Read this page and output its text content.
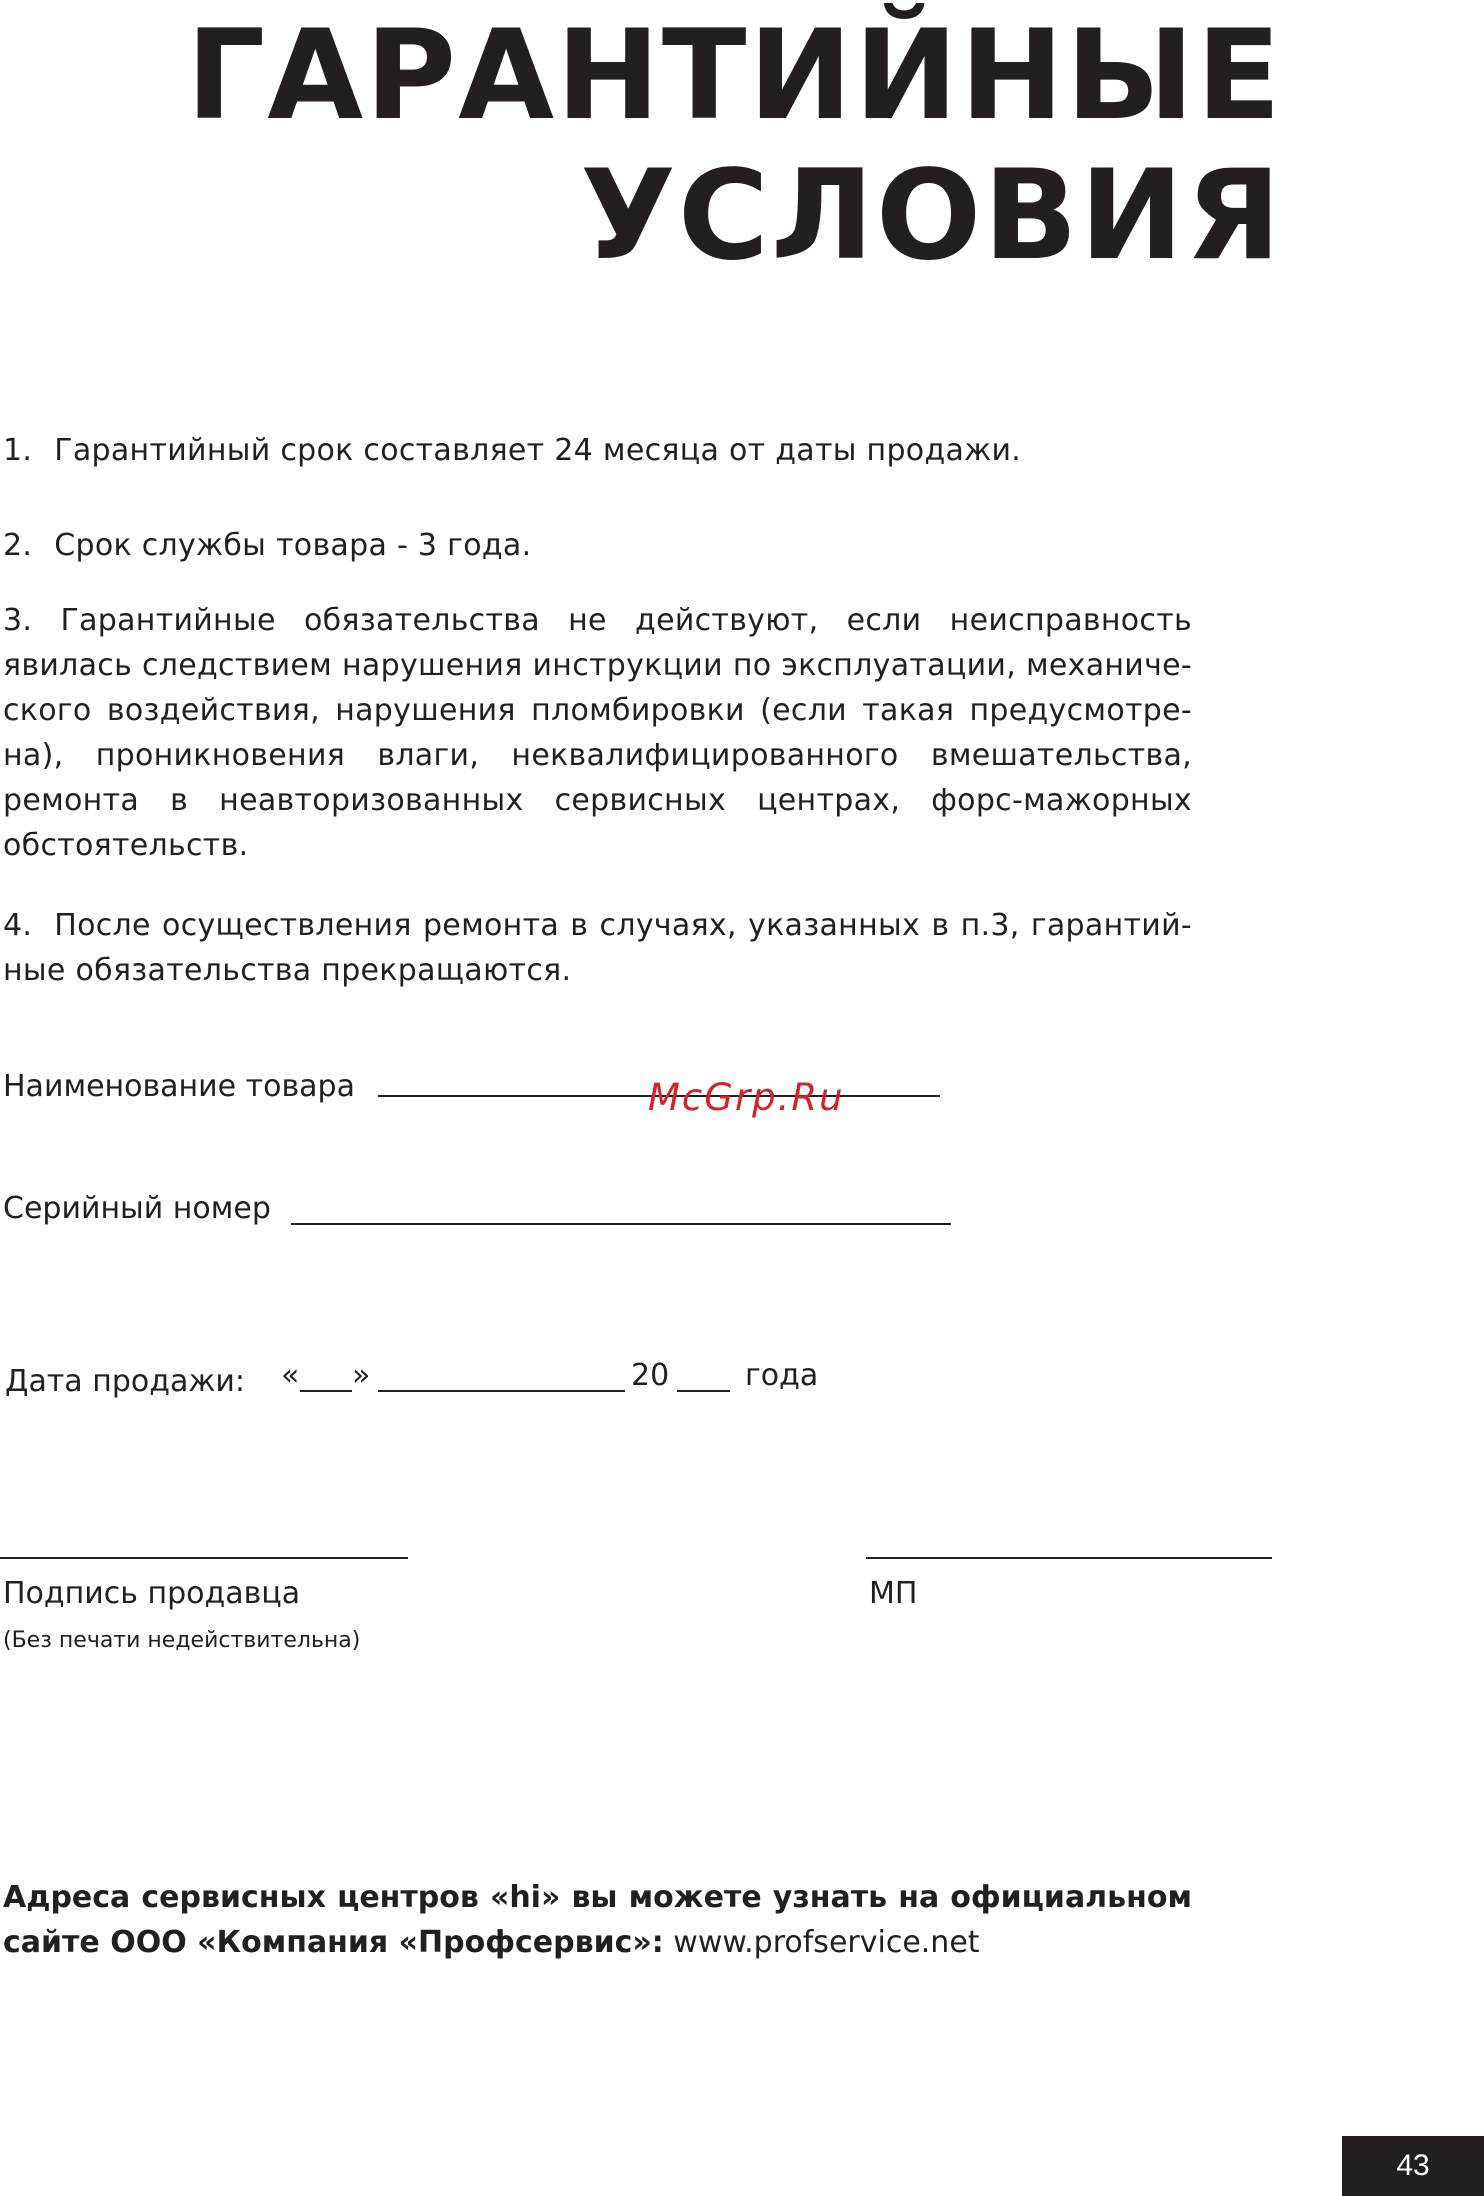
ГАРАНТИЙНЫЕ
УСЛОВИЯ

1. Гарантийный срок составляет 24 месяца от даты продажи.

2. Срок службы товара - 3 года.

3. Гарантийные обязательства не действуют, если неисправность явилась следствием нарушения инструкции по эксплуатации, механиче-ского воздействия, нарушения пломбировки (если такая предусмотре-на), проникновения влаги, неквалифицированного вмешательства, ремонта в неавторизованных сервисных центрах, форс-мажорных обстоятельств.

4. После осуществления ремонта в случаях, указанных в п.3, гарантий-ные обязательства прекращаются.

Наименование товара	McGrp.Ru
Серийный номер
Дата продажи: « »	20	года
Подпись продавца
(Без печати недействительна)
МП
Адреса сервисных центров «hi» вы можете узнать на официальном
сайте ООО «Компания «Профсервис»: www.profservice.net
43
